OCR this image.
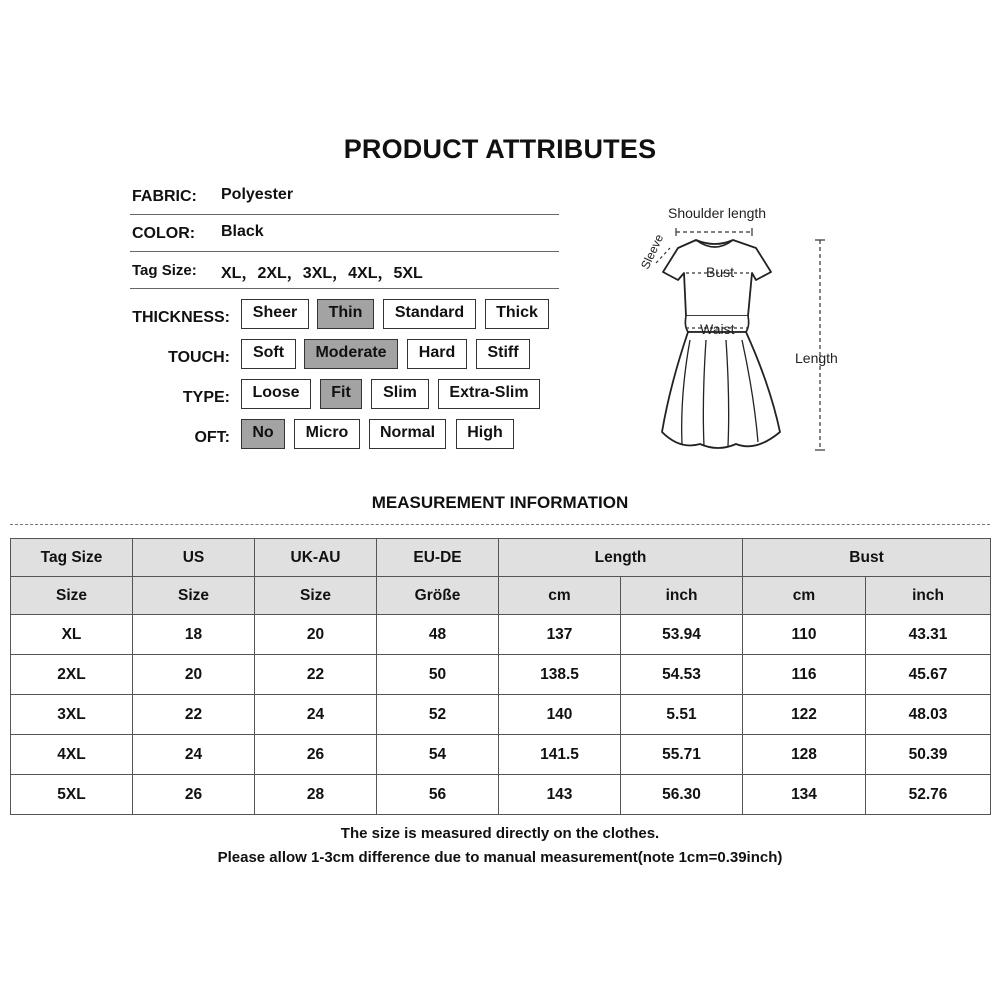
PRODUCT ATTRIBUTES
FABRIC: Polyester
COLOR: Black
Tag Size: XL，2XL，3XL，4XL，5XL
THICKNESS:	Sheer	Thin	Standard	Thick
TOUCH:	Soft	Moderate	Hard	Stiff
TYPE:	Loose	Fit	Slim	Extra-Slim
OFT:	No	Micro	Normal	High
Shoulder length
Sleeve
Bust
Waist
Length
MEASUREMENT INFORMATION
Tag Size	US	UK-AU	EU-DE	Length		Bust	
Size	Size	Size	Größe	cm	inch	cm	inch
XL	18	20	48	137	53.94	110	43.31
2XL	20	22	50	138.5	54.53	116	45.67
3XL	22	24	52	140	5.51	122	48.03
4XL	24	26	54	141.5	55.71	128	50.39
5XL	26	28	56	143	56.30	134	52.76
The size is measured directly on the clothes.
Please allow 1-3cm difference due to manual measurement(note 1cm=0.39inch)
